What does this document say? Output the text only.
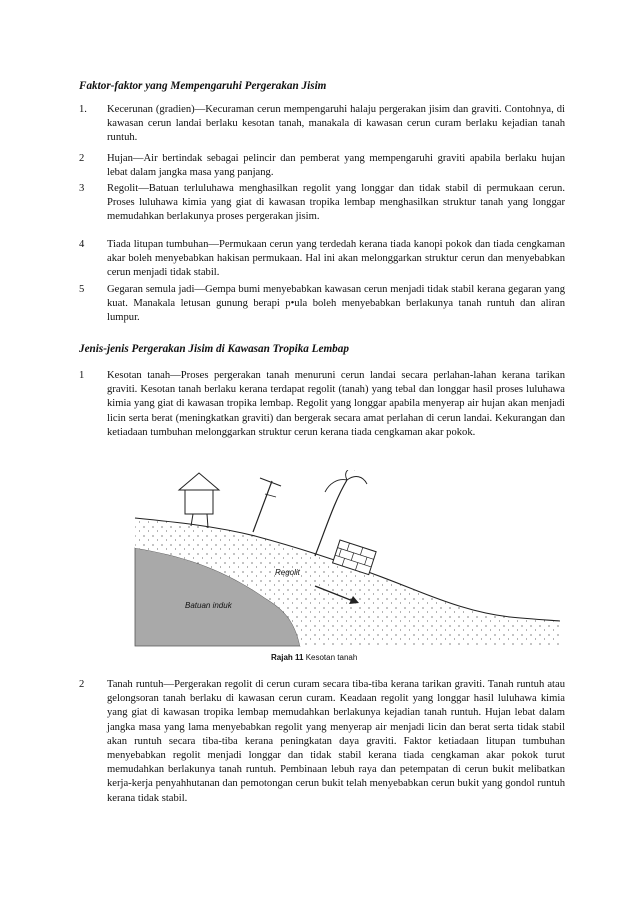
Faktor-faktor yang Mempengaruhi Pergerakan Jisim
1.	Kecerunan (gradien)—Kecuraman cerun mempengaruhi halaju pergerakan jisim dan graviti. Contohnya, di kawasan cerun landai berlaku kesotan tanah, manakala di kawasan cerun curam berlaku kejadian tanah runtuh.
2	Hujan—Air bertindak sebagai pelincir dan pemberat yang mempengaruhi graviti apabila berlaku hujan lebat dalam jangka masa yang panjang.
3	Regolit—Batuan terluluhawa menghasilkan regolit yang longgar dan tidak stabil di permukaan cerun. Proses luluhawa kimia yang giat di kawasan tropika lembap menghasilkan struktur tanah yang longgar memudahkan berlakunya proses pergerakan jisim.
4	Tiada litupan tumbuhan—Permukaan cerun yang terdedah kerana tiada kanopi pokok dan tiada cengkaman akar boleh menyebabkan hakisan permukaan. Hal ini akan melonggarkan struktur cerun dan menyebabkan cerun menjadi tidak stabil.
5	Gegaran semula jadi—Gempa bumi menyebabkan kawasan cerun menjadi tidak stabil kerana gegaran yang kuat. Manakala letusan gunung berapi p•ula boleh menyebabkan berlakunya tanah runtuh dan aliran lumpur.
Jenis-jenis Pergerakan Jisim di Kawasan Tropika Lembap
1	Kesotan tanah—Proses pergerakan tanah menuruni cerun landai secara perlahan-lahan kerana tarikan graviti. Kesotan tanah berlaku kerana terdapat regolit (tanah) yang tebal dan longgar hasil proses luluhawa kimia yang giat di kawasan tropika lembap. Regolit yang longgar apabila menyerap air hujan akan menjadi licin serta berat (meningkatkan graviti) dan bergerak secara amat perlahan di cerun landai. Kekurangan dan ketiadaan tumbuhan melonggarkan struktur cerun kerana tiada cengkaman akar pokok.
Regolit
Batuan induk
Rajah 11 Kesotan tanah
2	Tanah runtuh—Pergerakan regolit di cerun curam secara tiba-tiba kerana tarikan graviti. Tanah runtuh atau gelongsoran tanah berlaku di kawasan cerun curam. Keadaan regolit yang longgar hasil luluhawa kimia yang giat di kawasan tropika lembap memudahkan berlakunya kejadian tanah runtuh. Hujan lebat dalam jangka masa yang lama menyebabkan regolit yang menyerap air menjadi licin dan berat serta tidak stabil akan runtuh secara tiba-tiba kerana peningkatan daya graviti. Faktor ketiadaan litupan tumbuhan menyebabkan regolit menjadi longgar dan tidak stabil kerana tiada cengkaman akar pokok turut memudahkan berlakunya tanah runtuh. Pembinaan lebuh raya dan petempatan di cerun bukit melibatkan kerja-kerja penyahhutanan dan pemotongan cerun bukit telah menyebabkan cerun bukit yang gondol runtuh kerana tidak stabil.
